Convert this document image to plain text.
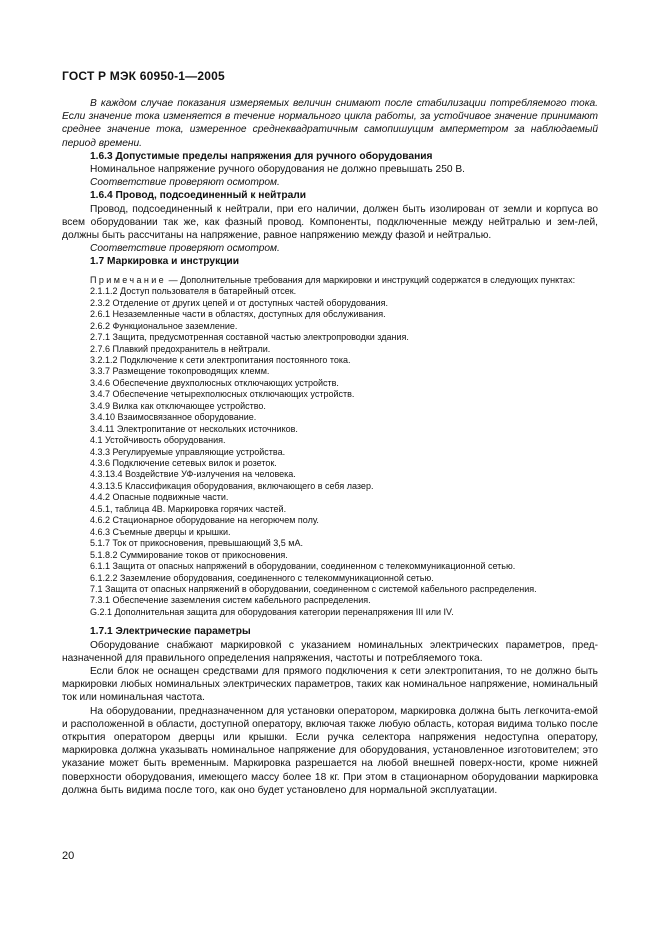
ГОСТ Р МЭК 60950-1—2005

В каждом случае показания измеряемых величин снимают после стабилизации потребляемого тока. Если значение тока изменяется в течение нормального цикла работы, за устойчивое значение принимают среднее значение тока, измеренное среднеквадратичным самопишущим амперметром за наблюдаемый период времени.

1.6.3 Допустимые пределы напряжения для ручного оборудования

Номинальное напряжение ручного оборудования не должно превышать 250 В.

Соответствие проверяют осмотром.

1.6.4 Провод, подсоединенный к нейтрали

Провод, подсоединенный к нейтрали, при его наличии, должен быть изолирован от земли и корпуса во всем оборудовании так же, как фазный провод. Компоненты, подключенные между нейтралью и зем-лей, должны быть рассчитаны на напряжение, равное напряжению между фазой и нейтралью.

Соответствие проверяют осмотром.

1.7 Маркировка и инструкции

Примечание — Дополнительные требования для маркировки и инструкций содержатся в следующих пунктах:

2.1.1.2 Доступ пользователя в батарейный отсек.
2.3.2 Отделение от других цепей и от доступных частей оборудования.
2.6.1 Незаземленные части в областях, доступных для обслуживания.
2.6.2 Функциональное заземление.
2.7.1 Защита, предусмотренная составной частью электропроводки здания.
2.7.6 Плавкий предохранитель в нейтрали.
3.2.1.2 Подключение к сети электропитания постоянного тока.
3.3.7 Размещение токопроводящих клемм.
3.4.6 Обеспечение двухполюсных отключающих устройств.
3.4.7 Обеспечение четырехполюсных отключающих устройств.
3.4.9 Вилка как отключающее устройство.
3.4.10 Взаимосвязанное оборудование.
3.4.11 Электропитание от нескольких источников.
4.1 Устойчивость оборудования.
4.3.3 Регулируемые управляющие устройства.
4.3.6 Подключение сетевых вилок и розеток.
4.3.13.4 Воздействие УФ-излучения на человека.
4.3.13.5 Классификация оборудования, включающего в себя лазер.
4.4.2 Опасные подвижные части.
4.5.1, таблица 4В. Маркировка горячих частей.
4.6.2 Стационарное оборудование на негорючем полу.
4.6.3 Съемные дверцы и крышки.
5.1.7 Ток от прикосновения, превышающий 3,5 мА.
5.1.8.2 Суммирование токов от прикосновения.
6.1.1 Защита от опасных напряжений в оборудовании, соединенном с телекоммуникационной сетью.
6.1.2.2 Заземление оборудования, соединенного с телекоммуникационной сетью.
7.1 Защита от опасных напряжений в оборудовании, соединенном с системой кабельного распределения.
7.3.1 Обеспечение заземления систем кабельного распределения.
G.2.1 Дополнительная защита для оборудования категории перенапряжения III или IV.

1.7.1 Электрические параметры

Оборудование снабжают маркировкой с указанием номинальных электрических параметров, пред-назначенной для правильного определения напряжения, частоты и потребляемого тока.

Если блок не оснащен средствами для прямого подключения к сети электропитания, то не должно быть маркировки любых номинальных электрических параметров, таких как номинальное напряжение, номинальный ток или номинальная частота.

На оборудовании, предназначенном для установки оператором, маркировка должна быть легкочита-емой и расположенной в области, доступной оператору, включая также любую область, которая видима только после открытия оператором дверцы или крышки. Если ручка селектора напряжения недоступна оператору, маркировка должна указывать номинальное напряжение для оборудования, установленное изготовителем; это указание может быть временным. Маркировка разрешается на любой внешней поверх-ности, кроме нижней поверхности оборудования, имеющего массу более 18 кг. При этом в стационарном оборудовании маркировка должна быть видима после того, как оно будет установлено для нормальной эксплуатации.

20
